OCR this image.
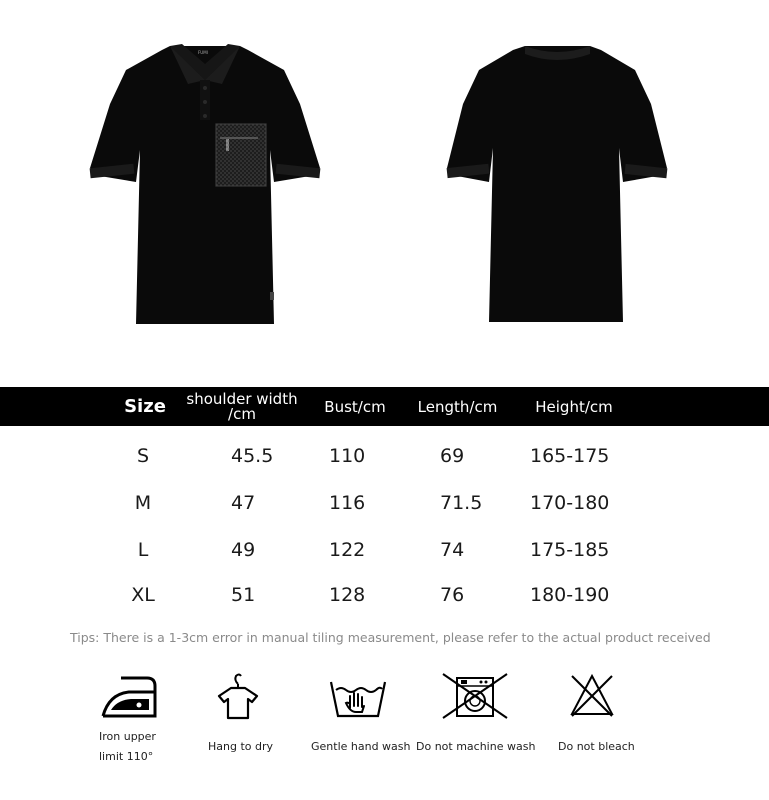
FUMI
Size	shoulder width
/cm	Bust/cm	Length/cm	Height/cm
S	45.5	110	69	165-175
M	47	116	71.5	170-180
L	49	122	74	175-185
XL	51	128	76	180-190
Tips: There is a 1-3cm error in manual tiling measurement, please refer to the actual product received
Iron upper
limit 110°
Hang to dry	Gentle hand wash Do not machine wash Do not bleach
